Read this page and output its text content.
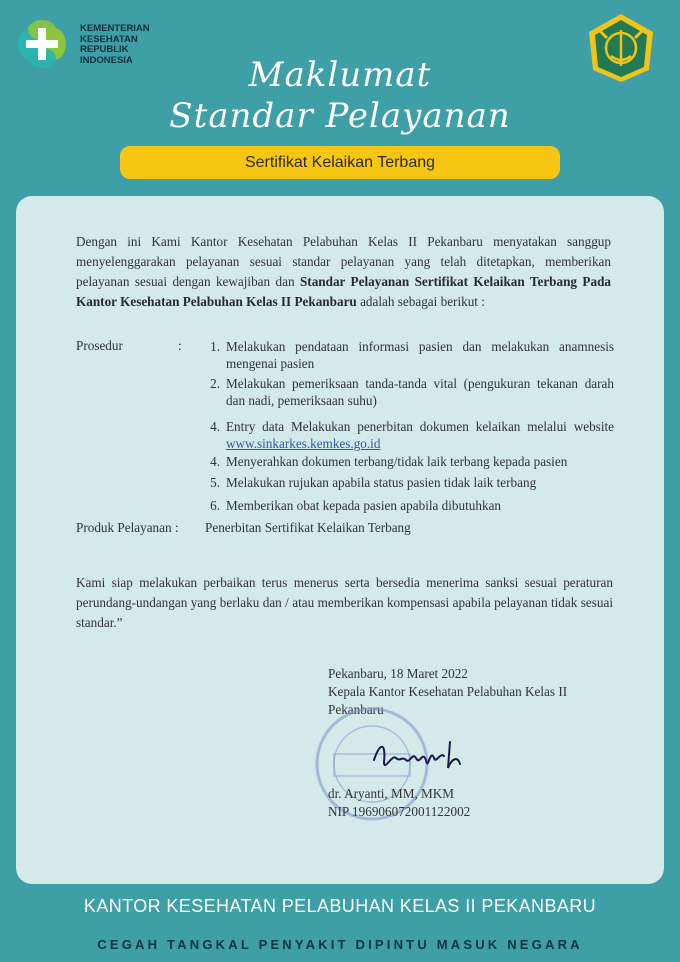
KEMENTERIAN
KESEHATAN
REPUBLIK
INDONESIA	Maklumat
Standar Pelayanan
Sertifikat Kelaikan Terbang
Dengan ini Kami Kantor Kesehatan Pelabuhan Kelas II Pekanbaru menyatakan sanggup menyelenggarakan pelayanan sesuai standar pelayanan yang telah ditetapkan, memberikan pelayanan sesuai dengan kewajiban dan Standar Pelayanan Sertifikat Kelaikan Terbang Pada Kantor Kesehatan Pelabuhan Kelas II Pekanbaru adalah sebagai berikut :
Prosedur	:	1. Melakukan pendataan informasi pasien dan melakukan anamnesis mengenai pasien
2. Melakukan pemeriksaan tanda-tanda vital (pengukuran tekanan darah dan nadi, pemeriksaan suhu)
4. Entry data Melakukan penerbitan dokumen kelaikan melalui website www.sinkarkes.kemkes.go.id
4. Menyerahkan dokumen terbang/tidak laik terbang kepada pasien
5. Melakukan rujukan apabila status pasien tidak laik terbang
6. Memberikan obat kepada pasien apabila dibutuhkan
Produk Pelayanan : Penerbitan Sertifikat Kelaikan Terbang
Kami siap melakukan perbaikan terus menerus serta bersedia menerima sanksi sesuai peraturan perundang-undangan yang berlaku dan / atau memberikan kompensasi apabila pelayanan tidak sesuai standar.”
Pekanbaru, 18 Maret 2022
Kepala Kantor Kesehatan Pelabuhan Kelas II
Pekanbaru
dr. Aryanti, MM, MKM
NIP 196906072001122002
KANTOR KESEHATAN PELABUHAN KELAS II PEKANBARU
CEGAH TANGKAL PENYAKIT DIPINTU MASUK NEGARA
